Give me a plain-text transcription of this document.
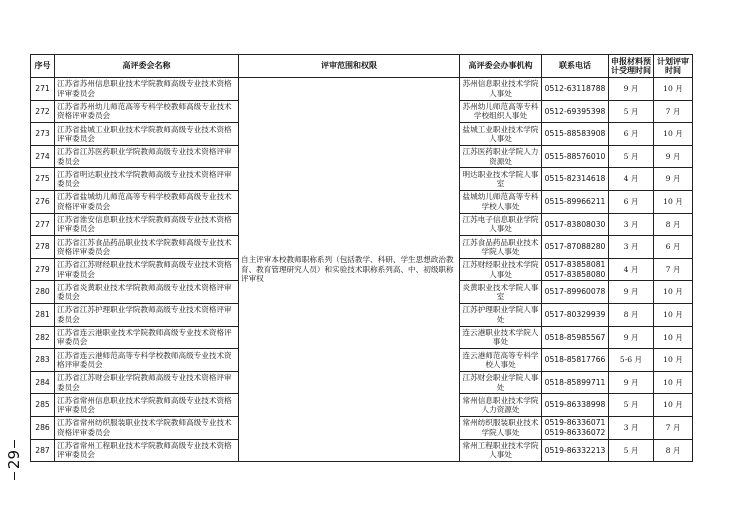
29
序号	高评委会名称	评审范围和权限	高评委会办事机构	联系电话	申报材料预计受理时间	计划评审时间
271	江苏省苏州信息职业技术学院教师高级专业技术资格评审委员会	自主评审本校教师职称系列（包括教学、科研、学生思想政治教育、教育管理研究人员）和实验技术职称系列高、中、初级职称评审权	苏州信息职业技术学院人事处	0512-63118788	9 月	10 月
272	江苏省苏州幼儿师范高等专科学校教师高级专业技术资格评审委员会		苏州幼儿师范高等专科学校组织人事处	0512-69395398	5 月	7 月
273	江苏省盐城工业职业技术学院教师高级专业技术资格评审委员会		盐城工业职业技术学院人事处	0515-88583908	6 月	10 月
274	江苏省江苏医药职业学院教师高级专业技术资格评审委员会		江苏医药职业学院人力资源处	0515-88576010	5 月	9 月
275	江苏省明达职业技术学院教师高级专业技术资格评审委员会		明达职业技术学院人事室	0515-82314618	4 月	9 月
276	江苏省盐城幼儿师范高等专科学校教师高级专业技术资格评审委员会		盐城幼儿师范高等专科学校人事处	0515-89966211	6 月	10 月
277	江苏省淮安信息职业技术学院教师高级专业技术资格评审委员会		江苏电子信息职业学院人事处	0517-83808030	3 月	8 月
278	江苏省江苏食品药品职业技术学院教师高级专业技术资格评审委员会		江苏食品药品职业技术学院人事处	0517-87088280	3 月	6 月
279	江苏省江苏财经职业技术学院教师高级专业技术资格评审委员会		江苏财经职业技术学院人事处	0517-83858081
0517-83858080	4 月	7 月
280	江苏省炎黄职业技术学院教师高级专业技术资格评审委员会		炎黄职业技术学院人事室	0517-89960078	9 月	10 月
281	江苏省江苏护理职业学院教师高级专业技术资格评审委员会		江苏护理职业学院人事处	0517-80329939	8 月	10 月
282	江苏省连云港职业技术学院教师高级专业技术资格评审委员会		连云港职业技术学院人事处	0518-85985567	9 月	10 月
283	江苏省连云港师范高等专科学校教师高级专业技术资格评审委员会		连云港师范高等专科学校人事处	0518-85817766	5-6 月	10 月
284	江苏省江苏财会职业学院教师高级专业技术资格评审委员会		江苏财会职业学院人事处	0518-85899711	9 月	10 月
285	江苏省常州信息职业技术学院教师高级专业技术资格评审委员会		常州信息职业技术学院人力资源处	0519-86338998	5 月	10 月
286	江苏省常州纺织服装职业技术学院教师高级专业技术资格评审委员会		常州纺织服装职业技术学院人事处	0519-86336071
0519-86336072	3 月	7 月
287	江苏省常州工程职业技术学院教师高级专业技术资格评审委员会		常州工程职业技术学院人事处	0519-86332213	5 月	8 月
